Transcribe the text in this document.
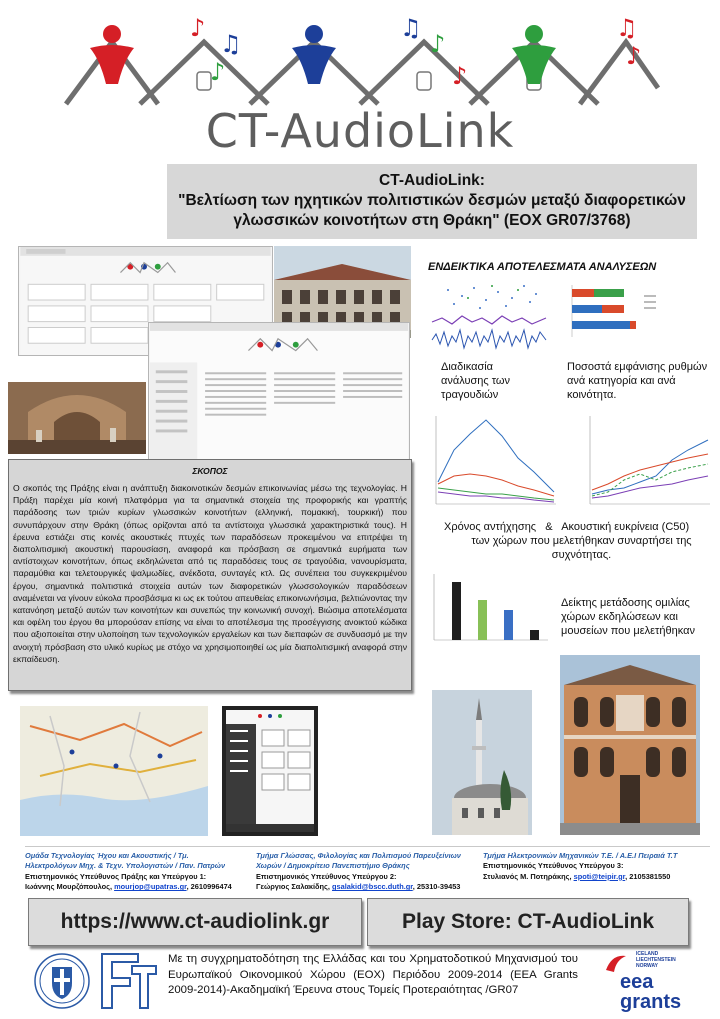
♪
♫
♪
♫
♪
♪
♫
♪
CT-AudioLink
CT-AudioLink:
"Βελτίωση των ηχητικών πολιτιστικών δεσμών μεταξύ διαφορετικών
γλωσσικών κοινοτήτων στη Θράκη" (ΕΟΧ GR07/3768)
ΕΝΔΕΙΚΤΙΚΑ ΑΠΟΤΕΛΕΣΜΑΤΑ ΑΝΑΛΥΣΕΩΝ
Διαδικασία ανάλυσης των τραγουδιών
Ποσοστά εμφάνισης ρυθμών ανά κατηγορία και ανά κοινότητα.
Χρόνος αντήχησης & Ακουστική ευκρίνεια (C50)
των χώρων που μελετήθηκαν συναρτήσει της συχνότητας.
Δείκτης μετάδοσης ομιλίας χώρων εκδηλώσεων και μουσείων που μελετήθηκαν
ΣΚΟΠΟΣ
Ο σκοπός της Πράξης είναι η ανάπτυξη διακοινοτικών δεσμών επικοινωνίας μέσω της τεχνολογίας. Η Πράξη παρέχει μία κοινή πλατφόρμα για τα σημαντικά στοιχεία της προφορικής και γραπτής παράδοσης των τριών κυρίων γλωσσικών κοινοτήτων (ελληνική, πομακική, τουρκική) που συνυπάρχουν στην Θράκη (όπως ορίζονται από τα αντίστοιχα γλωσσικά χαρακτηριστικά τους). Η έρευνα εστιάζει στις κοινές ακουστικές πτυχές των παραδόσεων προκειμένου να επιτρέψει τη διαπολιτισμική ακουστική παρουσίαση, αναφορά και πρόσβαση σε σημαντικά ευρήματα των αντίστοιχων κοινοτήτων, όπως εκδηλώνεται από τις παραδόσεις τους σε τραγούδια, νανουρίσματα, παραμύθια και τελετουργικές ψαλμωδίες, ανέκδοτα, συνταγές κτλ. Ως συνέπεια του συγκεκριμένου έργου, σημαντικά πολιτιστικά στοιχεία αυτών των διαφορετικών γλωσσολογικών παραδόσεων αναμένεται να γίνουν εύκολα προσβάσιμα κι ως εκ τούτου απευθείας επικοινωνήσιμα, βελτιώνοντας την κατανόηση μεταξύ αυτών των κοινοτήτων και συνεπώς την κοινωνική συνοχή. Βιώσιμα αποτελέσματα και οφέλη του έργου θα μπορούσαν επίσης να είναι το αποτέλεσμα της προσέγγισης ανοικτού κώδικα που αξιοποιείται στην υλοποίηση των τεχνολογικών εργαλείων και των διεπαφών σε συνδυασμό με την ανοιχτή πρόσβαση στο υλικό κυρίως με στόχο να χρησιμοποιηθεί ως μία διαπολιτισμική αναφορά στην εκπαίδευση.
Ομάδα Τεχνολογίας Ήχου και Ακουστικής / Τμ.
Ηλεκτρολόγων Μηχ. & Τεχν. Υπολογιστών / Παν. Πατρών
Επιστημονικός Υπεύθυνος Πράξης και Υπεύργου 1:
Ιωάννης Μουρζόπουλος, mourjop@upatras.gr, 2610996474
Τμήμα Γλώσσας, Φιλολογίας και Πολιτισμού Παρευξείνιων
Χωρών / Δημοκρίτειο Πανεπιστήμιο Θράκης
Επιστημονικός Υπεύθυνος Υπεύργου 2:
Γεώργιος Σαλακίδης, gsalakid@bscc.duth.gr, 25310-39453
Τμήμα Ηλεκτρονικών Μηχανικών Τ.Ε. / Α.Ε.Ι Πειραιά Τ.Τ
Επιστημονικός Υπεύθυνος Υπεύργου 3:
Στυλιανός Μ. Ποτηράκης, spoti@teipir.gr, 2105381550
https://www.ct-audiolink.gr	Play Store: CT-AudioLink
Με τη συγχρηματοδότηση της Ελλάδας και του Χρηματοδοτικού Μηχανισμού του Ευρωπαϊκού Οικονομικού Χώρου (ΕΟΧ) Περιόδου 2009-2014 (EEA Grants 2009-2014)-Ακαδημαϊκή Έρευνα στους Τομείς Προτεραιότητας /GR07
ICELAND
LIECHTENSTEIN
NORWAY
eea
grants
